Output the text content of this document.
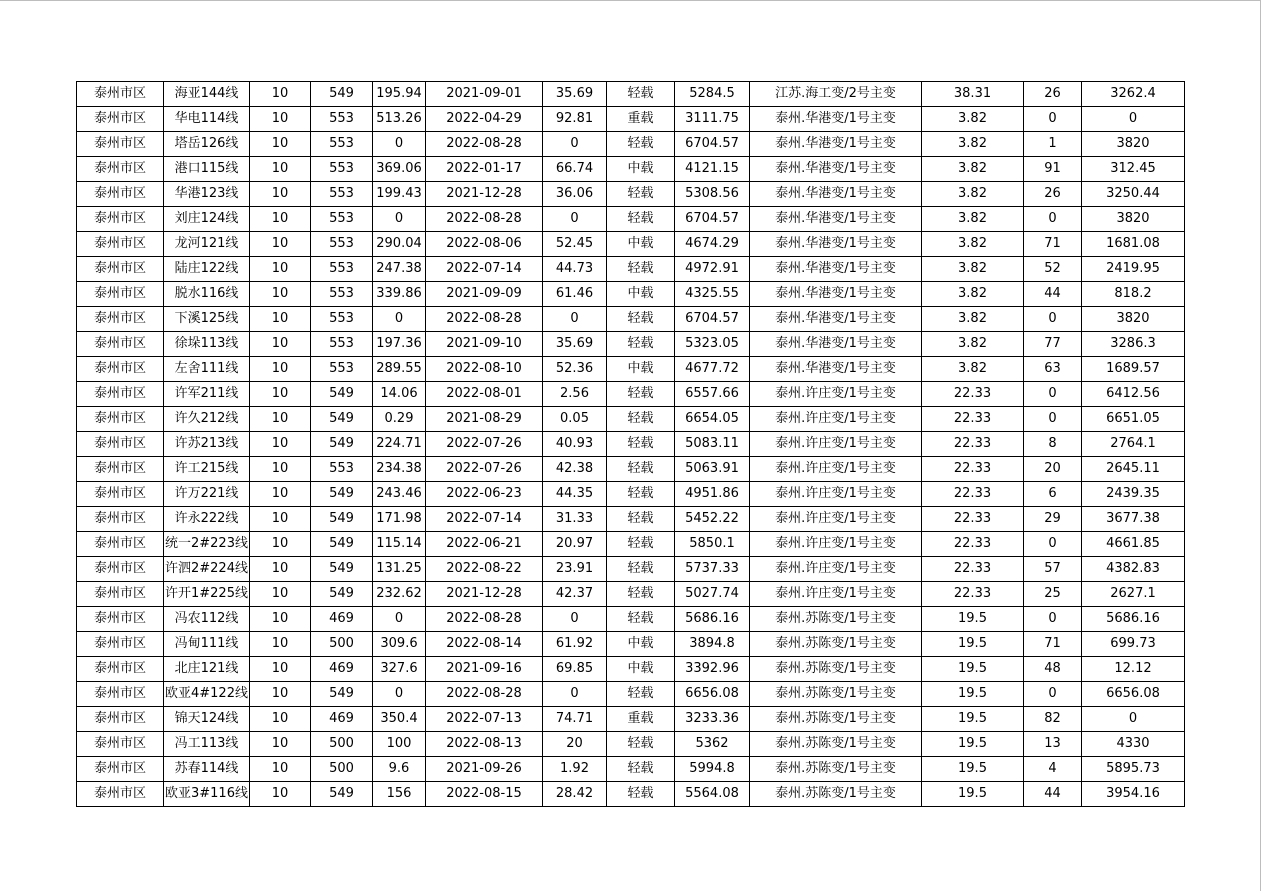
泰州市区	海亚144线	10	549	195.94	2021-09-01	35.69	轻载	5284.5	江苏.海工变/2号主变	38.31	26	3262.4
泰州市区	华电114线	10	553	513.26	2022-04-29	92.81	重载	3111.75	泰州.华港变/1号主变	3.82	0	0
泰州市区	塔岳126线	10	553	0	2022-08-28	0	轻载	6704.57	泰州.华港变/1号主变	3.82	1	3820
泰州市区	港口115线	10	553	369.06	2022-01-17	66.74	中载	4121.15	泰州.华港变/1号主变	3.82	91	312.45
泰州市区	华港123线	10	553	199.43	2021-12-28	36.06	轻载	5308.56	泰州.华港变/1号主变	3.82	26	3250.44
泰州市区	刘庄124线	10	553	0	2022-08-28	0	轻载	6704.57	泰州.华港变/1号主变	3.82	0	3820
泰州市区	龙河121线	10	553	290.04	2022-08-06	52.45	中载	4674.29	泰州.华港变/1号主变	3.82	71	1681.08
泰州市区	陆庄122线	10	553	247.38	2022-07-14	44.73	轻载	4972.91	泰州.华港变/1号主变	3.82	52	2419.95
泰州市区	脱水116线	10	553	339.86	2021-09-09	61.46	中载	4325.55	泰州.华港变/1号主变	3.82	44	818.2
泰州市区	下溪125线	10	553	0	2022-08-28	0	轻载	6704.57	泰州.华港变/1号主变	3.82	0	3820
泰州市区	徐垛113线	10	553	197.36	2021-09-10	35.69	轻载	5323.05	泰州.华港变/1号主变	3.82	77	3286.3
泰州市区	左舍111线	10	553	289.55	2022-08-10	52.36	中载	4677.72	泰州.华港变/1号主变	3.82	63	1689.57
泰州市区	许军211线	10	549	14.06	2022-08-01	2.56	轻载	6557.66	泰州.许庄变/1号主变	22.33	0	6412.56
泰州市区	许久212线	10	549	0.29	2021-08-29	0.05	轻载	6654.05	泰州.许庄变/1号主变	22.33	0	6651.05
泰州市区	许苏213线	10	549	224.71	2022-07-26	40.93	轻载	5083.11	泰州.许庄变/1号主变	22.33	8	2764.1
泰州市区	许工215线	10	553	234.38	2022-07-26	42.38	轻载	5063.91	泰州.许庄变/1号主变	22.33	20	2645.11
泰州市区	许万221线	10	549	243.46	2022-06-23	44.35	轻载	4951.86	泰州.许庄变/1号主变	22.33	6	2439.35
泰州市区	许永222线	10	549	171.98	2022-07-14	31.33	轻载	5452.22	泰州.许庄变/1号主变	22.33	29	3677.38
泰州市区	统一2#223线	10	549	115.14	2022-06-21	20.97	轻载	5850.1	泰州.许庄变/1号主变	22.33	0	4661.85
泰州市区	许泗2#224线	10	549	131.25	2022-08-22	23.91	轻载	5737.33	泰州.许庄变/1号主变	22.33	57	4382.83
泰州市区	许开1#225线	10	549	232.62	2021-12-28	42.37	轻载	5027.74	泰州.许庄变/1号主变	22.33	25	2627.1
泰州市区	冯农112线	10	469	0	2022-08-28	0	轻载	5686.16	泰州.苏陈变/1号主变	19.5	0	5686.16
泰州市区	冯甸111线	10	500	309.6	2022-08-14	61.92	中载	3894.8	泰州.苏陈变/1号主变	19.5	71	699.73
泰州市区	北庄121线	10	469	327.6	2021-09-16	69.85	中载	3392.96	泰州.苏陈变/1号主变	19.5	48	12.12
泰州市区	欧亚4#122线	10	549	0	2022-08-28	0	轻载	6656.08	泰州.苏陈变/1号主变	19.5	0	6656.08
泰州市区	锦天124线	10	469	350.4	2022-07-13	74.71	重载	3233.36	泰州.苏陈变/1号主变	19.5	82	0
泰州市区	冯工113线	10	500	100	2022-08-13	20	轻载	5362	泰州.苏陈变/1号主变	19.5	13	4330
泰州市区	苏春114线	10	500	9.6	2021-09-26	1.92	轻载	5994.8	泰州.苏陈变/1号主变	19.5	4	5895.73
泰州市区	欧亚3#116线	10	549	156	2022-08-15	28.42	轻载	5564.08	泰州.苏陈变/1号主变	19.5	44	3954.16
